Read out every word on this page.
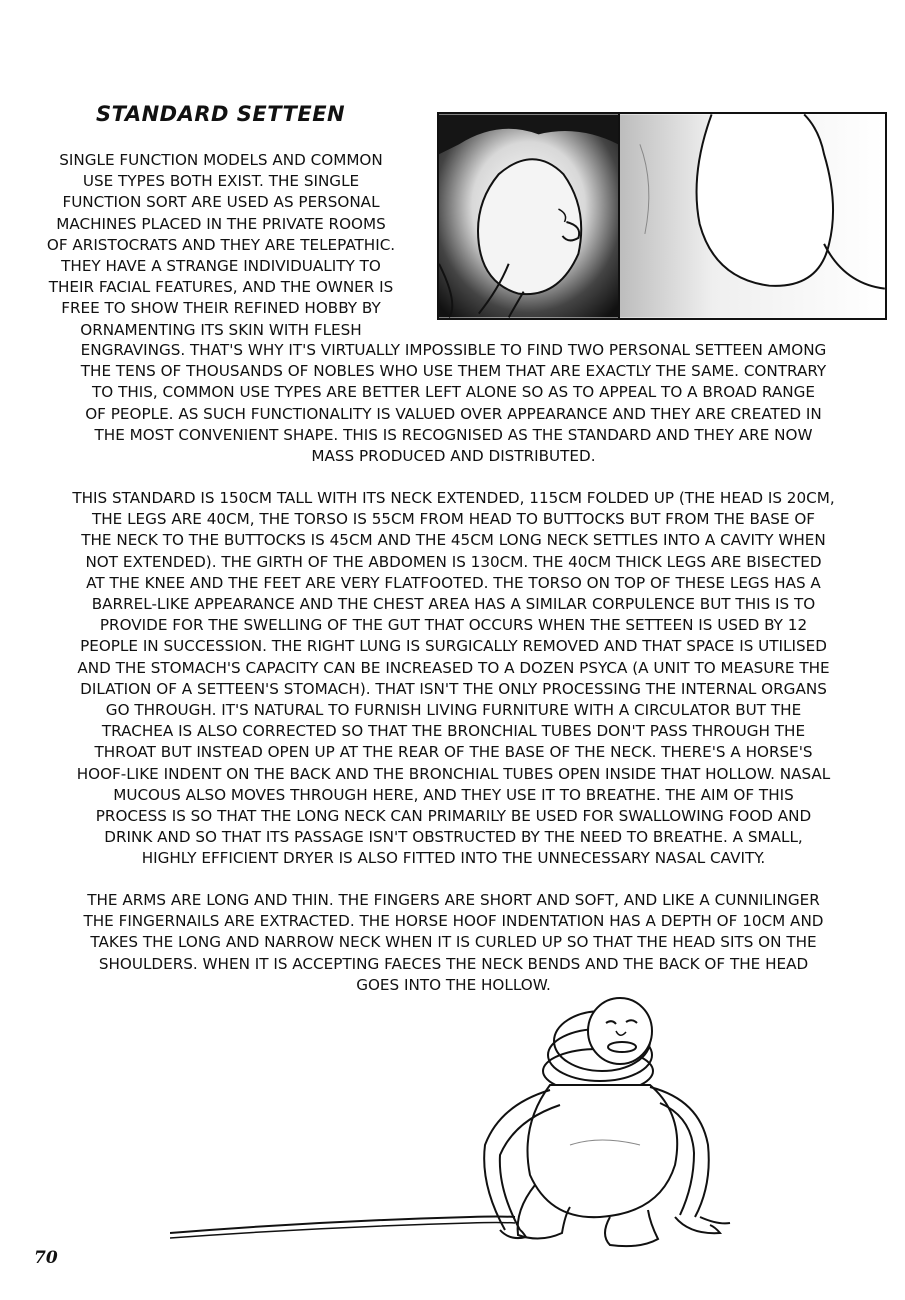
STANDARD SETTEEN

SINGLE FUNCTION MODELS AND COMMON
USE TYPES BOTH EXIST. THE SINGLE
FUNCTION SORT ARE USED AS PERSONAL
MACHINES PLACED IN THE PRIVATE ROOMS
OF ARISTOCRATS AND THEY ARE TELEPATHIC.
THEY HAVE A STRANGE INDIVIDUALITY TO
THEIR FACIAL FEATURES, AND THE OWNER IS
FREE TO SHOW THEIR REFINED HOBBY BY
ORNAMENTING ITS SKIN WITH FLESH

ENGRAVINGS. THAT'S WHY IT'S VIRTUALLY IMPOSSIBLE TO FIND TWO PERSONAL SETTEEN AMONG
THE TENS OF THOUSANDS OF NOBLES WHO USE THEM THAT ARE EXACTLY THE SAME. CONTRARY
TO THIS, COMMON USE TYPES ARE BETTER LEFT ALONE SO AS TO APPEAL TO A BROAD RANGE
OF PEOPLE. AS SUCH FUNCTIONALITY IS VALUED OVER APPEARANCE AND THEY ARE CREATED IN
THE MOST CONVENIENT SHAPE. THIS IS RECOGNISED AS THE STANDARD AND THEY ARE NOW
MASS PRODUCED AND DISTRIBUTED.

THIS STANDARD IS 150CM TALL WITH ITS NECK EXTENDED, 115CM FOLDED UP (THE HEAD IS 20CM,
THE LEGS ARE 40CM, THE TORSO IS 55CM FROM HEAD TO BUTTOCKS BUT FROM THE BASE OF
THE NECK TO THE BUTTOCKS IS 45CM AND THE 45CM LONG NECK SETTLES INTO A CAVITY WHEN
NOT EXTENDED). THE GIRTH OF THE ABDOMEN IS 130CM. THE 40CM THICK LEGS ARE BISECTED
AT THE KNEE AND THE FEET ARE VERY FLATFOOTED. THE TORSO ON TOP OF THESE LEGS HAS A
BARREL-LIKE APPEARANCE AND THE CHEST AREA HAS A SIMILAR CORPULENCE BUT THIS IS TO
PROVIDE FOR THE SWELLING OF THE GUT THAT OCCURS WHEN THE SETTEEN IS USED BY 12
PEOPLE IN SUCCESSION. THE RIGHT LUNG IS SURGICALLY REMOVED AND THAT SPACE IS UTILISED
AND THE STOMACH'S CAPACITY CAN BE INCREASED TO A DOZEN PSYCA (A UNIT TO MEASURE THE
DILATION OF A SETTEEN'S STOMACH). THAT ISN'T THE ONLY PROCESSING THE INTERNAL ORGANS
GO THROUGH. IT'S NATURAL TO FURNISH LIVING FURNITURE WITH A CIRCULATOR BUT THE
TRACHEA IS ALSO CORRECTED SO THAT THE BRONCHIAL TUBES DON'T PASS THROUGH THE
THROAT BUT INSTEAD OPEN UP AT THE REAR OF THE BASE OF THE NECK. THERE'S A HORSE'S
HOOF-LIKE INDENT ON THE BACK AND THE BRONCHIAL TUBES OPEN INSIDE THAT HOLLOW. NASAL
MUCOUS ALSO MOVES THROUGH HERE, AND THEY USE IT TO BREATHE. THE AIM OF THIS
PROCESS IS SO THAT THE LONG NECK CAN PRIMARILY BE USED FOR SWALLOWING FOOD AND
DRINK AND SO THAT ITS PASSAGE ISN'T OBSTRUCTED BY THE NEED TO BREATHE. A SMALL,
HIGHLY EFFICIENT DRYER IS ALSO FITTED INTO THE UNNECESSARY NASAL CAVITY.

THE ARMS ARE LONG AND THIN. THE FINGERS ARE SHORT AND SOFT, AND LIKE A CUNNILINGER
THE FINGERNAILS ARE EXTRACTED. THE HORSE HOOF INDENTATION HAS A DEPTH OF 10CM AND
TAKES THE LONG AND NARROW NECK WHEN IT IS CURLED UP SO THAT THE HEAD SITS ON THE
SHOULDERS. WHEN IT IS ACCEPTING FAECES THE NECK BENDS AND THE BACK OF THE HEAD
GOES INTO THE HOLLOW.

70
